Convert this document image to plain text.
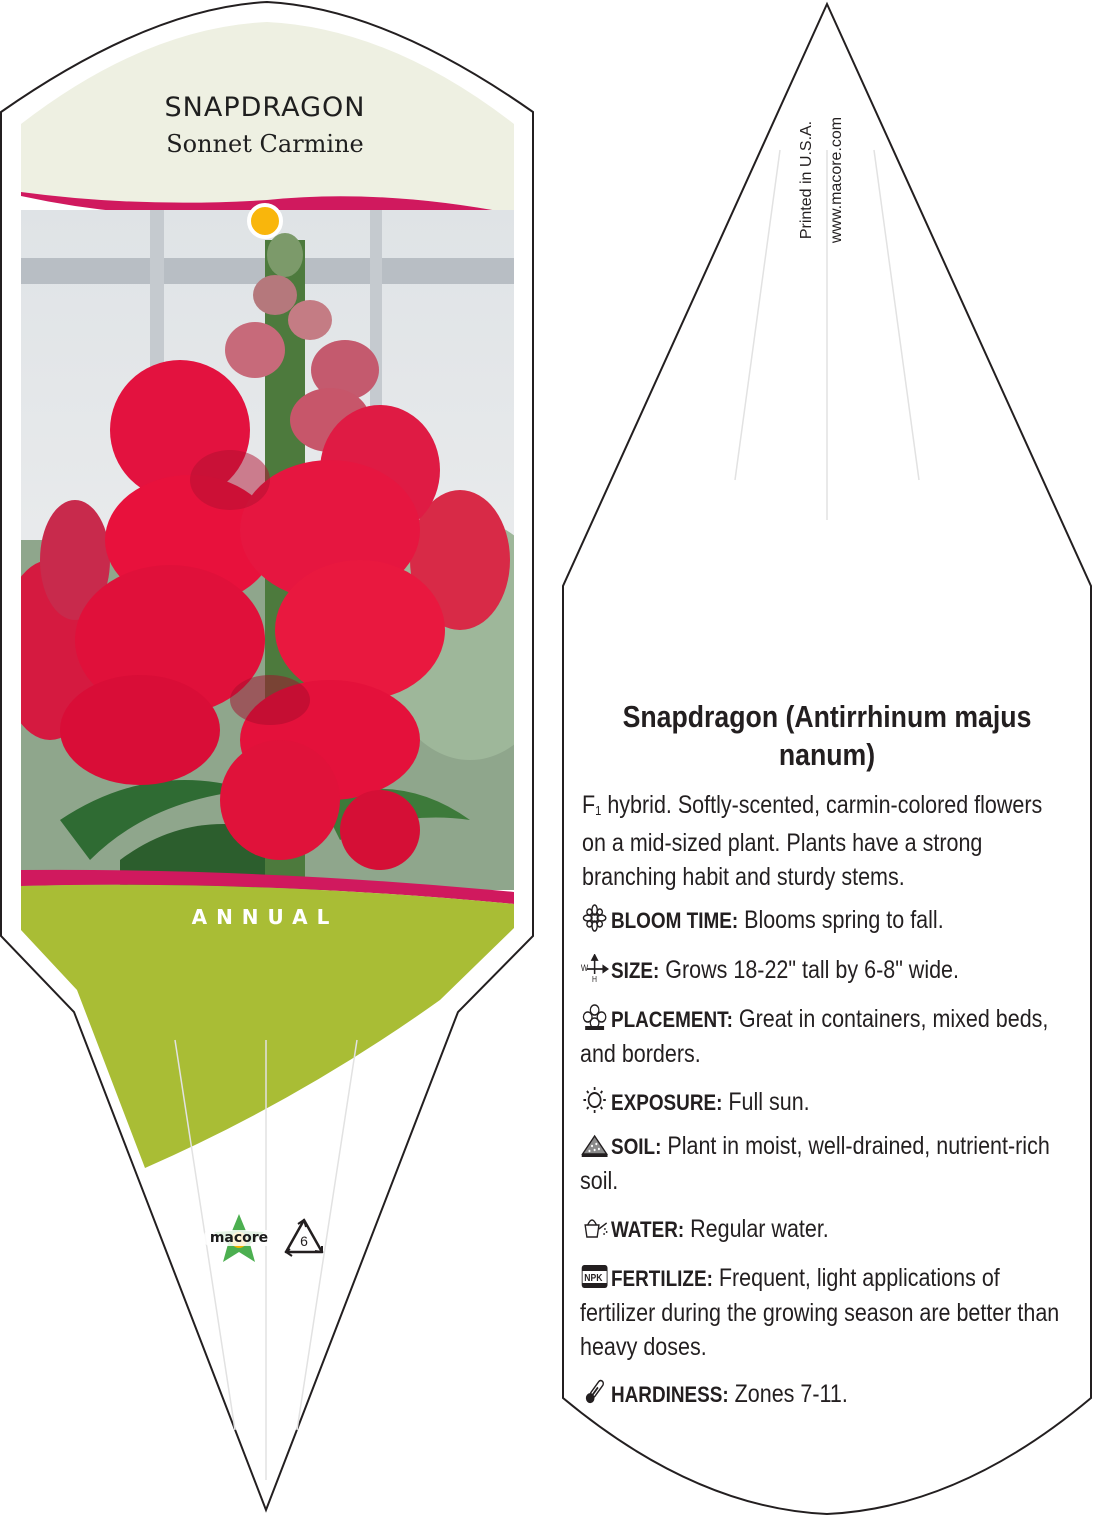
SNAPDRAGON
Sonnet Carmine
ANNUAL
macore	6
Printed in U.S.A. www.macore.com
Snapdragon (Antirrhinum majus nanum)
$F_1$ hybrid. Softly-scented, carmin-colored flowers on a mid-sized plant. Plants have a strong branching habit and sturdy stems.
BLOOM TIME: Blooms spring to fall.
W
H SIZE: Grows 18-22" tall by 6-8" wide.
PLACEMENT: Great in containers, mixed beds, and borders.
EXPOSURE: Full sun.
SOIL: Plant in moist, well-drained, nutrient-rich soil.
WATER: Regular water.
NPK FERTILIZE: Frequent, light applications of fertilizer during the growing season are better than heavy doses.
HARDINESS: Zones 7-11.
